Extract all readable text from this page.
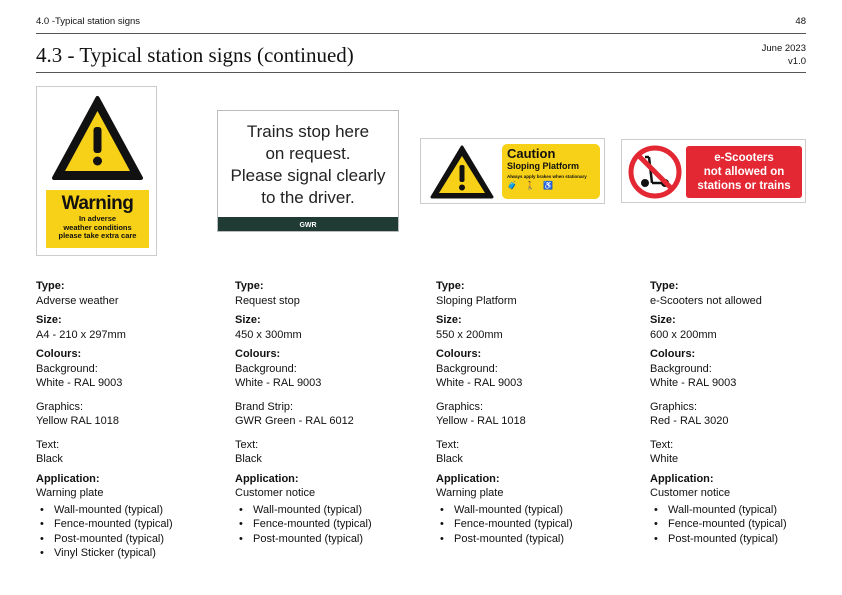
4.0 -Typical station signs	48
4.3 - Typical station signs (continued)	June 2023
v1.0
Warning
In adverse
weather conditions
please take extra care
Trains stop here
on request.
Please signal clearly
to the driver.
GWR
Caution
Sloping Platform
Always apply brakes when stationary
🧳 🚶 ♿
e-Scooters
not allowed on
stations or trains
Type:
Adverse weather
Size:
A4 - 210 x 297mm
Colours:
Background:
White - RAL 9003
Graphics:
Yellow RAL 1018
Text:
Black
Application:
Warning plate
• Wall-mounted (typical)
• Fence-mounted (typical)
• Post-mounted (typical)
• Vinyl Sticker (typical)
Type:
Request stop
Size:
450 x 300mm
Colours:
Background:
White - RAL 9003
Brand Strip:
GWR Green - RAL 6012
Text:
Black
Application:
Customer notice
• Wall-mounted (typical)
• Fence-mounted (typical)
• Post-mounted (typical)
Type:
Sloping Platform
Size:
550 x 200mm
Colours:
Background:
White - RAL 9003
Graphics:
Yellow - RAL 1018
Text:
Black
Application:
Warning plate
• Wall-mounted (typical)
• Fence-mounted (typical)
• Post-mounted (typical)
Type:
e-Scooters not allowed
Size:
600 x 200mm
Colours:
Background:
White - RAL 9003
Graphics:
Red - RAL 3020
Text:
White
Application:
Customer notice
• Wall-mounted (typical)
• Fence-mounted (typical)
• Post-mounted (typical)
